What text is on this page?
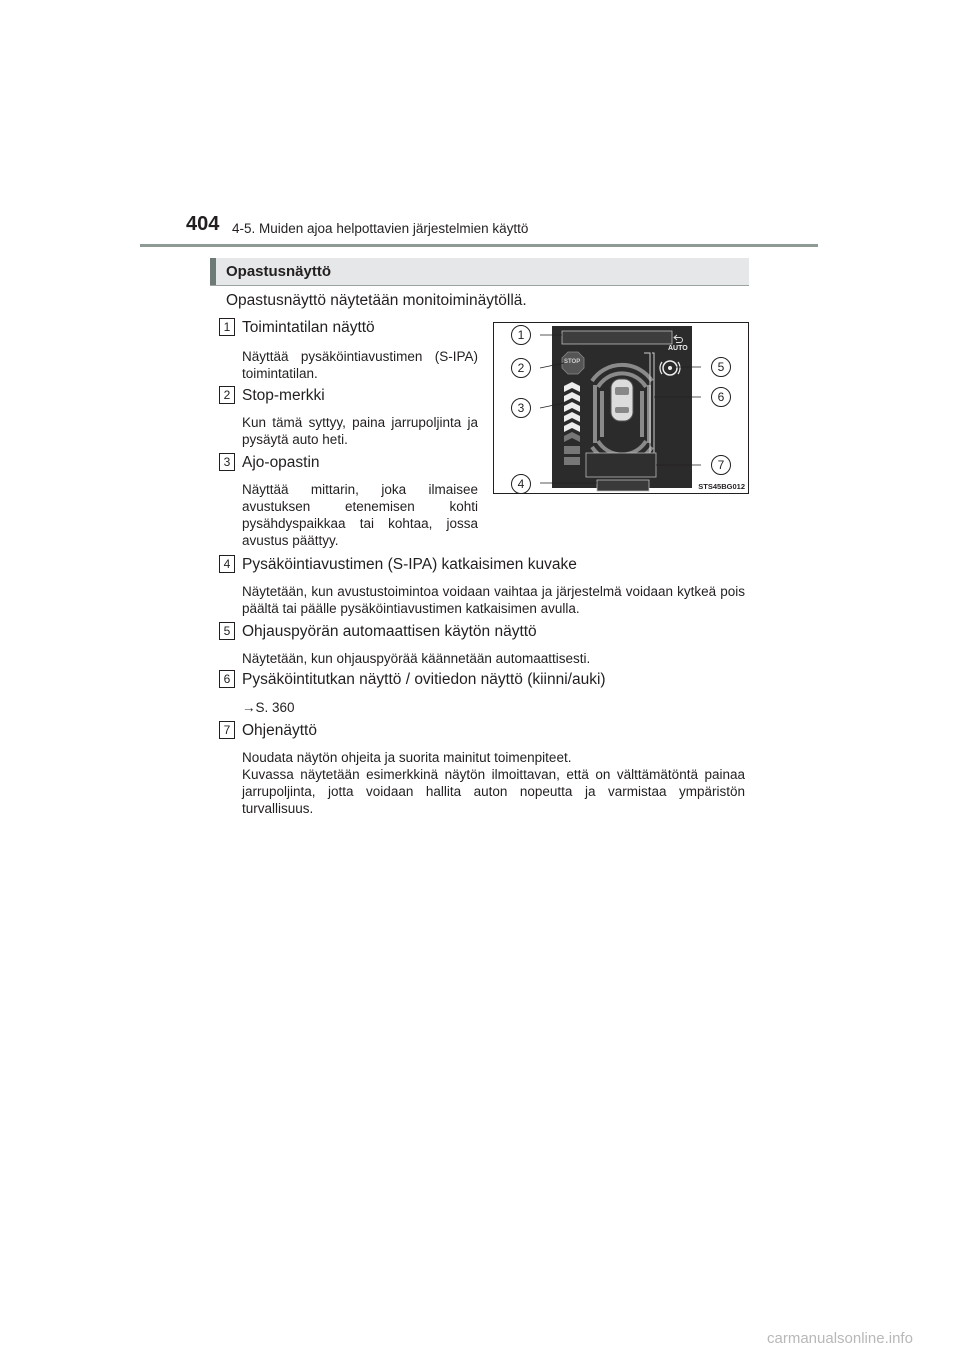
404 4-5. Muiden ajoa helpottavien järjestelmien käyttö
Opastusnäyttö
Opastusnäyttö näytetään monitoiminäytöllä.
1 Toimintatilan näyttö
Näyttää pysäköintiavustimen (S-IPA) toimintatilan.
2 Stop-merkki
Kun tämä syttyy, paina jarrupoljinta ja pysäytä auto heti.
3 Ajo-opastin
Näyttää mittarin, joka ilmaisee avustuksen etenemisen kohti pysähdyspaikkaa tai kohtaa, jossa avustus päättyy.
4 Pysäköintiavustimen (S-IPA) katkaisimen kuvake
Näytetään, kun avustustoimintoa voidaan vaihtaa ja järjestelmä voidaan kytkeä pois päältä tai päälle pysäköintiavustimen katkaisimen avulla.
5 Ohjauspyörän automaattisen käytön näyttö
Näytetään, kun ohjauspyörää käännetään automaattisesti.
6 Pysäköintitutkan näyttö / ovitiedon näyttö (kiinni/auki)
→S. 360
7 Ohjenäyttö
Noudata näytön ohjeita ja suorita mainitut toimenpiteet.
Kuvassa näytetään esimerkkinä näytön ilmoittavan, että on välttämätöntä painaa jarrupoljinta, jotta voidaan hallita auton nopeutta ja varmistaa ympäristön turvallisuus.
AUTO
STOP
STS45BG012
1
2
3
4
5
6
7
carmanualsonline.info
